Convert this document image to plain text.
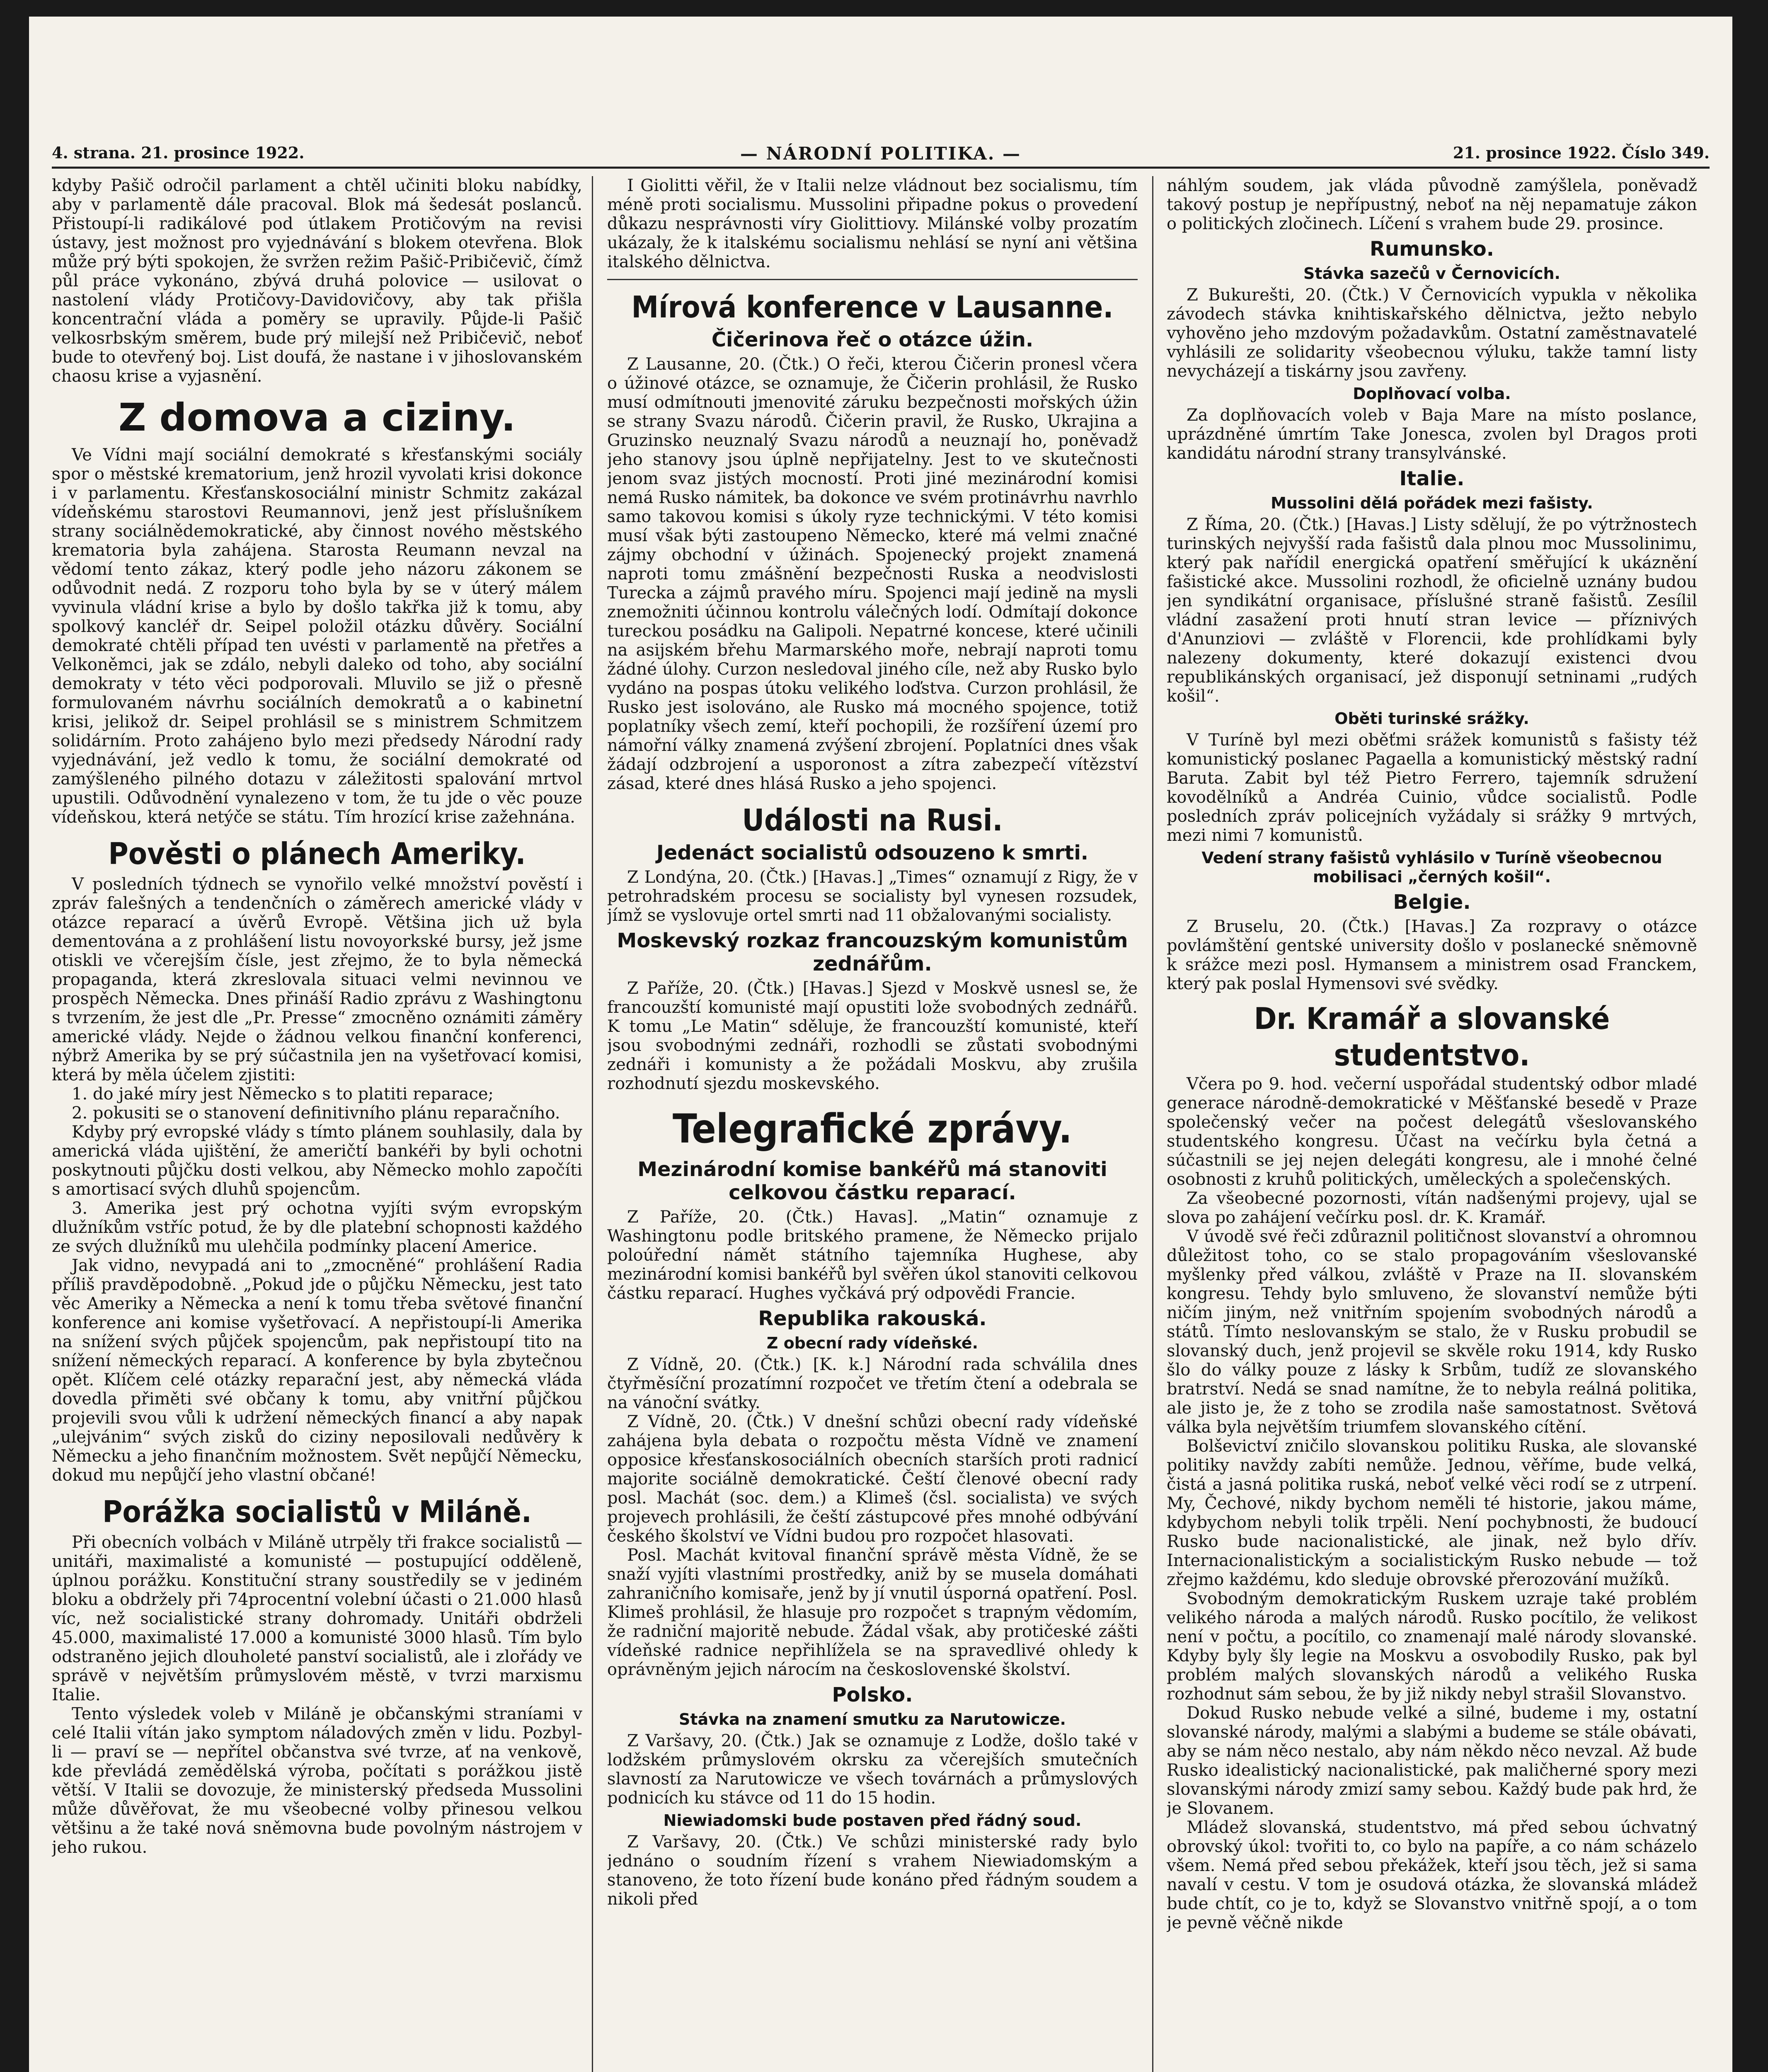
4. strana. 21. prosince 1922.	— NÁRODNÍ POLITIKA. —	21. prosince 1922. Číslo 349.

kdyby Pašič odročil parlament a chtěl učiniti bloku nabídky, aby v parlamentě dále pracoval. Blok má šedesát poslanců. Přistoupí-li radikálové pod útlakem Protičovým na revisi ústavy, jest možnost pro vyjednávání s blokem otevřena. Blok může prý býti spokojen, že svržen režim Pašič-Pribičevič, čímž půl práce vykonáno, zbývá druhá polovice — usilovat o nastolení vlády Protičovy-Davidovičovy, aby tak přišla koncentrační vláda a poměry se upravily. Půjde-li Pašič velkosrbským směrem, bude prý milejší než Pribičevič, neboť bude to otevřený boj. List doufá, že nastane i v jihoslovanském chaosu krise a vyjasnění.

Z domova a ciziny.

Ve Vídni mají sociální demokraté s křesťanskými sociály spor o městské krematorium, jenž hrozil vyvolati krisi dokonce i v parlamentu. Křesťanskosociální ministr Schmitz zakázal vídeňskému starostovi Reumannovi, jenž jest příslušníkem strany sociálnědemokratické, aby činnost nového městského krematoria byla zahájena. Starosta Reumann nevzal na vědomí tento zákaz, který podle jeho názoru zákonem se odůvodnit nedá. Z rozporu toho byla by se v úterý málem vyvinula vládní krise a bylo by došlo takřka již k tomu, aby spolkový kancléř dr. Seipel položil otázku důvěry. Sociální demokraté chtěli případ ten uvésti v parlamentě na přetřes a Velkoněmci, jak se zdálo, nebyli daleko od toho, aby sociální demokraty v této věci podporovali. Mluvilo se již o přesně formulovaném návrhu sociálních demokratů a o kabinetní krisi, jelikož dr. Seipel prohlásil se s ministrem Schmitzem solidárním. Proto zahájeno bylo mezi předsedy Národní rady vyjednávání, jež vedlo k tomu, že sociální demokraté od zamýšleného pilného dotazu v záležitosti spalování mrtvol upustili. Odůvodnění vynalezeno v tom, že tu jde o věc pouze vídeňskou, která netýče se státu. Tím hrozící krise zažehnána.

Pověsti o plánech Ameriky.

V posledních týdnech se vynořilo velké množství pověstí i zpráv falešných a tendenčních o záměrech americké vlády v otázce reparací a úvěrů Evropě. Většina jich už byla dementována a z prohlášení listu novoyorkské bursy, jež jsme otiskli ve včerejším čísle, jest zřejmo, že to byla německá propaganda, která zkreslovala situaci velmi nevinnou ve prospěch Německa. Dnes přináší Radio zprávu z Washingtonu s tvrzením, že jest dle „Pr. Presse“ zmocněno oznámiti záměry americké vlády. Nejde o žádnou velkou finanční konferenci, nýbrž Amerika by se prý súčastnila jen na vyšetřovací komisi, která by měla účelem zjistiti:

1. do jaké míry jest Německo s to platiti reparace;

2. pokusiti se o stanovení definitivního plánu reparačního.

Kdyby prý evropské vlády s tímto plánem souhlasily, dala by americká vláda ujištění, že američtí bankéři by byli ochotni poskytnouti půjčku dosti velkou, aby Německo mohlo započíti s amortisací svých dluhů spojencům.

3. Amerika jest prý ochotna vyjíti svým evropským dlužníkům vstříc potud, že by dle platební schopnosti každého ze svých dlužníků mu ulehčila podmínky placení Americe.

Jak vidno, nevypadá ani to „zmocněné“ prohlášení Radia příliš pravděpodobně. „Pokud jde o půjčku Německu, jest tato věc Ameriky a Německa a není k tomu třeba světové finanční konference ani komise vyšetřovací. A nepřistoupí-li Amerika na snížení svých půjček spojencům, pak nepřistoupí tito na snížení německých reparací. A konference by byla zbytečnou opět. Klíčem celé otázky reparační jest, aby německá vláda dovedla přiměti své občany k tomu, aby vnitřní půjčkou projevili svou vůli k udržení německých financí a aby napak „ulejvánim“ svých zisků do ciziny neposilovali nedůvěry k Německu a jeho finančním možnostem. Svět nepůjčí Německu, dokud mu nepůjčí jeho vlastní občané!

Porážka socialistů v Miláně.

Při obecních volbách v Miláně utrpěly tři frakce socialistů — unitáři, maximalisté a komunisté — postupující odděleně, úplnou porážku. Konstituční strany soustředily se v jediném bloku a obdržely při 74procentní volební účasti o 21.000 hlasů víc, než socialistické strany dohromady. Unitáři obdrželi 45.000, maximalisté 17.000 a komunisté 3000 hlasů. Tím bylo odstraněno jejich dlouholeté panství socialistů, ale i zlořády ve správě v největším průmyslovém městě, v tvrzi marxismu Italie.

Tento výsledek voleb v Miláně je občanskými straníami v celé Italii vítán jako symptom náladových změn v lidu. Pozbyl-li — praví se — nepřítel občanstva své tvrze, ať na venkově, kde převládá zemědělská výroba, počítati s porážkou jistě větší. V Italii se dovozuje, že ministerský předseda Mussolini může důvěřovat, že mu všeobecné volby přinesou velkou většinu a že také nová sněmovna bude povolným nástrojem v jeho rukou.

I Giolitti věřil, že v Italii nelze vládnout bez socialismu, tím méně proti socialismu. Mussolini připadne pokus o provedení důkazu nesprávnosti víry Giolittiovy. Milánské volby prozatím ukázaly, že k italskému socialismu nehlásí se nyní ani většina italského dělnictva.

Mírová konference v Lausanne.
Čičerinova řeč o otázce úžin.

Z Lausanne, 20. (Čtk.) O řeči, kterou Čičerin pronesl včera o úžinové otázce, se oznamuje, že Čičerin prohlásil, že Rusko musí odmítnouti jmenovité záruku bezpečnosti mořských úžin se strany Svazu národů. Čičerin pravil, že Rusko, Ukrajina a Gruzinsko neuznalý Svazu národů a neuznají ho, poněvadž jeho stanovy jsou úplně nepřijatelny. Jest to ve skutečnosti jenom svaz jistých mocností. Proti jiné mezinárodní komisi nemá Rusko námitek, ba dokonce ve svém protinávrhu navrhlo samo takovou komisi s úkoly ryze technickými. V této komisi musí však býti zastoupeno Německo, které má velmi značné zájmy obchodní v úžinách. Spojenecký projekt znamená naproti tomu zmášnění bezpečnosti Ruska a neodvislosti Turecka a zájmů pravého míru. Spojenci mají jedině na mysli znemožniti účinnou kontrolu válečných lodí. Odmítají dokonce tureckou posádku na Galipoli. Nepatrné koncese, které učinili na asijském břehu Marmarského moře, nebrají naproti tomu žádné úlohy. Curzon nesledoval jiného cíle, než aby Rusko bylo vydáno na pospas útoku velikého loďstva. Curzon prohlásil, že Rusko jest isolováno, ale Rusko má mocného spojence, totiž poplatníky všech zemí, kteří pochopili, že rozšíření území pro námořní války znamená zvýšení zbrojení. Poplatníci dnes však žádají odzbrojení a usporonost a zítra zabezpečí vítězství zásad, které dnes hlásá Rusko a jeho spojenci.

Události na Rusi.
Jedenáct socialistů odsouzeno k smrti.

Z Londýna, 20. (Čtk.) [Havas.] „Times“ oznamují z Rigy, že v petrohradském procesu se socialisty byl vynesen rozsudek, jímž se vyslovuje ortel smrti nad 11 obžalovanými socialisty.

Moskevský rozkaz francouzským komunistům zednářům.

Z Paříže, 20. (Čtk.) [Havas.] Sjezd v Moskvě usnesl se, že francouzští komunisté mají opustiti lože svobodných zednářů. K tomu „Le Matin“ sděluje, že francouzští komunisté, kteří jsou svobodnými zednáři, rozhodli se zůstati svobodnými zednáři i komunisty a že požádali Moskvu, aby zrušila rozhodnutí sjezdu moskevského.

Telegrafické zprávy.
Mezinárodní komise bankéřů má stanoviti celkovou částku reparací.

Z Paříže, 20. (Čtk.) Havas]. „Matin“ oznamuje z Washingtonu podle britského pramene, že Německo prijalo poloúřední námět státního tajemníka Hughese, aby mezinárodní komisi bankéřů byl svěřen úkol stanoviti celkovou částku reparací. Hughes vyčkává prý odpovědi Francie.

Republika rakouská.
Z obecní rady vídeňské.

Z Vídně, 20. (Čtk.) [K. k.] Národní rada schválila dnes čtyřměsíční prozatímní rozpočet ve třetím čtení a odebrala se na vánoční svátky.

Z Vídně, 20. (Čtk.) V dnešní schůzi obecní rady vídeňské zahájena byla debata o rozpočtu města Vídně ve znamení opposice křesťanskosociálních obecních starších proti radnicí majorite sociálně demokratické. Čeští členové obecní rady posl. Machát (soc. dem.) a Klimeš (čsl. socialista) ve svých projevech prohlásili, že čeští zástupcové přes mnohé odbývání českého školství ve Vídni budou pro rozpočet hlasovati.

Posl. Machát kvitoval finanční správě města Vídně, že se snaží vyjíti vlastními prostředky, aniž by se musela domáhati zahraničního komisaře, jenž by jí vnutil úsporná opatření. Posl. Klimeš prohlásil, že hlasuje pro rozpočet s trapným vědomím, že radniční majoritě nebude. Žádal však, aby protičeské zášti vídeňské radnice nepřihlížela se na spravedlivé ohledy k oprávněným jejich nárocím na československé školství.

Polsko.
Stávka na znamení smutku za Narutowicze.

Z Varšavy, 20. (Čtk.) Jak se oznamuje z Lodže, došlo také v lodžském průmyslovém okrsku za včerejších smutečních slavností za Narutowicze ve všech továrnách a průmyslových podnicích ku stávce od 11 do 15 hodin.

Niewiadomski bude postaven před řádný soud.

Z Varšavy, 20. (Čtk.) Ve schůzi ministerské rady bylo jednáno o soudním řízení s vrahem Niewiadomským a stanoveno, že toto řízení bude konáno před řádným soudem a nikoli před

náhlým soudem, jak vláda původně zamýšlela, poněvadž takový postup je nepřípustný, neboť na něj nepamatuje zákon o politických zločinech. Líčení s vrahem bude 29. prosince.

Rumunsko.
Stávka sazečů v Černovicích.

Z Bukurešti, 20. (Čtk.) V Černovicích vypukla v několika závodech stávka knihtiskařského dělnictva, ježto nebylo vyhověno jeho mzdovým požadavkům. Ostatní zaměstnavatelé vyhlásili ze solidarity všeobecnou výluku, takže tamní listy nevycházejí a tiskárny jsou zavřeny.

Doplňovací volba.

Za doplňovacích voleb v Baja Mare na místo poslance, uprázdněné úmrtím Take Jonesca, zvolen byl Dragos proti kandidátu národní strany transylvánské.

Italie.
Mussolini dělá pořádek mezi fašisty.

Z Říma, 20. (Čtk.) [Havas.] Listy sdělují, že po výtržnostech turinských nejvyšší rada fašistů dala plnou moc Mussolinimu, který pak nařídil energická opatření směřující k ukáznění fašistické akce. Mussolini rozhodl, že oficielně uznány budou jen syndikátní organisace, příslušné straně fašistů. Zesílil vládní zasažení proti hnutí stran levice — příznivých d'Anunziovi — zvláště v Florencii, kde prohlídkami byly nalezeny dokumenty, které dokazují existenci dvou republikánských organisací, jež disponují setninami „rudých košil“.

Oběti turinské srážky.

V Turíně byl mezi oběťmi srážek komunistů s fašisty též komunistický poslanec Pagaella a komunistický městský radní Baruta. Zabit byl též Pietro Ferrero, tajemník sdružení kovodělníků a Andréa Cuinio, vůdce socialistů. Podle posledních zpráv policejních vyžádaly si srážky 9 mrtvých, mezi nimi 7 komunistů.

Vedení strany fašistů vyhlásilo v Turíně všeobecnou mobilisaci „černých košil“.
Belgie.

Z Bruselu, 20. (Čtk.) [Havas.] Za rozpravy o otázce povlámštění gentské university došlo v poslanecké sněmovně k srážce mezi posl. Hymansem a ministrem osad Franckem, který pak poslal Hymensovi své svědky.

Dr. Kramář a slovanské studentstvo.

Včera po 9. hod. večerní uspořádal studentský odbor mladé generace národně-demokratické v Měšťanské besedě v Praze společenský večer na počest delegátů všeslovanského studentského kongresu. Účast na večírku byla četná a súčastnili se jej nejen delegáti kongresu, ale i mnohé čelné osobnosti z kruhů politických, uměleckých a společenských.

Za všeobecné pozornosti, vítán nadšenými projevy, ujal se slova po zahájení večírku posl. dr. K. Kramář.

V úvodě své řeči zdůraznil političnost slovanství a ohromnou důležitost toho, co se stalo propagováním všeslovanské myšlenky před válkou, zvláště v Praze na II. slovanském kongresu. Tehdy bylo smluveno, že slovanství nemůže býti ničím jiným, než vnitřním spojením svobodných národů a států. Tímto neslovanským se stalo, že v Rusku probudil se slovanský duch, jenž projevil se skvěle roku 1914, kdy Rusko šlo do války pouze z lásky k Srbům, tudíž ze slovanského bratrství. Nedá se snad namítne, že to nebyla reálná politika, ale jisto je, že z toho se zrodila naše samostatnost. Světová válka byla největším triumfem slovanského cítění.

Bolševictví zničilo slovanskou politiku Ruska, ale slovanské politiky navždy zabíti nemůže. Jednou, věříme, bude velká, čistá a jasná politika ruská, neboť velké věci rodí se z utrpení. My, Čechové, nikdy bychom neměli té historie, jakou máme, kdybychom nebyli tolik trpěli. Není pochybnosti, že budoucí Rusko bude nacionalistické, ale jinak, než bylo dřív. Internacionalistickým a socialistickým Rusko nebude — tož zřejmo každému, kdo sleduje obrovské přerozování mužíků.

Svobodným demokratickým Ruskem uzraje také problém velikého národa a malých národů. Rusko pocítilo, že velikost není v počtu, a pocítilo, co znamenají malé národy slovanské. Kdyby byly šly legie na Moskvu a osvobodily Rusko, pak byl problém malých slovanských národů a velikého Ruska rozhodnut sám sebou, že by již nikdy nebyl strašil Slovanstvo.

Dokud Rusko nebude velké a silné, budeme i my, ostatní slovanské národy, malými a slabými a budeme se stále obávati, aby se nám něco nestalo, aby nám někdo něco nevzal. Až bude Rusko idealistický nacionalistické, pak maličherné spory mezi slovanskými národy zmizí samy sebou. Každý bude pak hrd, že je Slovanem.

Mládež slovanská, studentstvo, má před sebou úchvatný obrovský úkol: tvořiti to, co bylo na papíře, a co nám scházelo všem. Nemá před sebou překážek, kteří jsou těch, jež si sama navalí v cestu. V tom je osudová otázka, že slovanská mládež bude chtít, co je to, když se Slovanstvo vnitřně spojí, a o tom je pevně věčně nikde
